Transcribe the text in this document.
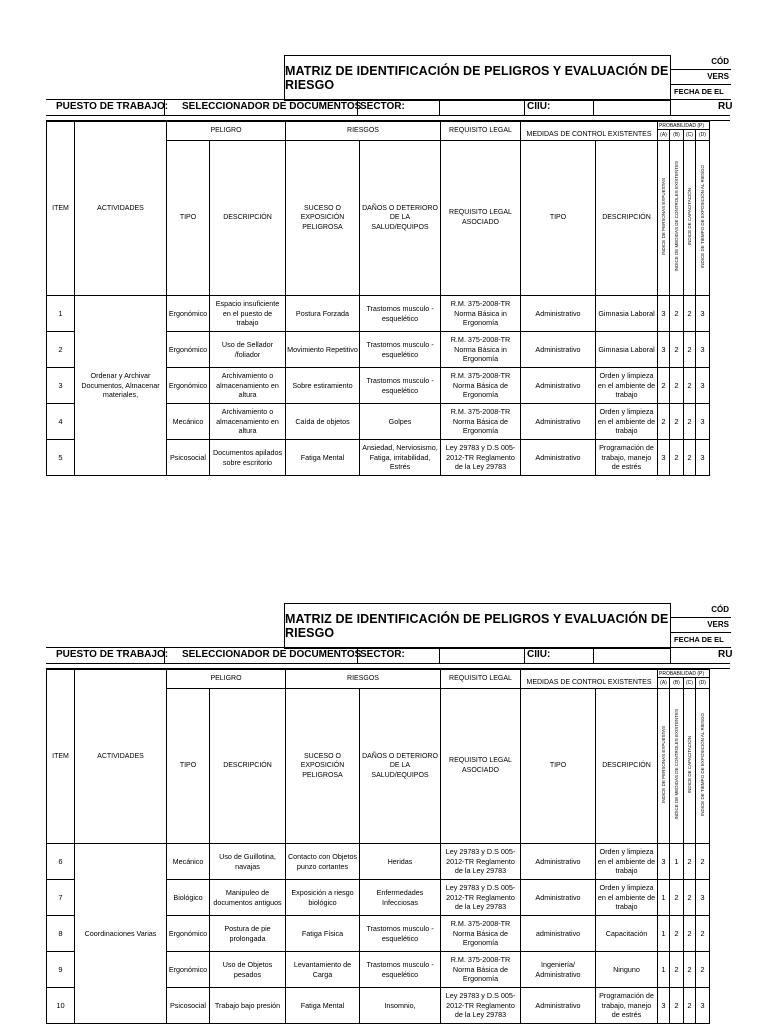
MATRIZ DE IDENTIFICACIÓN DE PELIGROS Y EVALUACIÓN DE RIESGO
CÓD
VERS
FECHA DE EL
PUESTO DE TRABAJO: SELECCIONADOR DE DOCUMENTOS
SECTOR:	CIIU:	RU
ITEM	ACTIVIDADES	PELIGRO		RIESGOS		REQUISITO LEGAL	MEDIDAS DE CONTROL EXISTENTES		PROBABILIDAD (P)			
									(A)	(B)	(C)	(D)
		TIPO	DESCRIPCIÓN	SUCESO O EXPOSICIÓN PELIGROSA	DAÑOS O DETERIORO DE LA SALUD/EQUIPOS	REQUISITO LEGAL ASOCIADO	TIPO	DESCRIPCIÓN	INDICE DE PERSONAS EXPUESTAS	INDICE DE MEDIDAS DE CONTROLES EXISTENTES	INDICE DE CAPACITACIÓN	INDICE DE TIEMPO DE EXPOSICIÓN AL RIESGO
1	Ordenar y Archivar Documentos, Almacenar materiales,	Ergonómico	Espacio insuficiente en el puesto de trabajo	Postura Forzada	Trastornos musculo - esquelético	R.M. 375-2008-TR Norma Básica in Ergonomía	Administrativo	Gimnasia Laboral	3	2	2	3
2		Ergonómico	Uso de Sellador /foliador	Movimiento Repetitivo	Trastornos musculo - esquelético	R.M. 375-2008-TR Norma Básica in Ergonomía	Administrativo	Gimnasia Laboral	3	2	2	3
3		Ergonómico	Archivamiento o almacenamiento en altura	Sobre estiramiento	Trastornos musculo - esquelético	R.M. 375-2008-TR Norma Básica de Ergonomía	Administrativo	Orden y limpieza en el ambiente de trabajo	2	2	2	3
4		Mecánico	Archivamiento o almacenamiento en altura	Caída de objetos	Golpes	R.M. 375-2008-TR Norma Básica de Ergonomía	Administrativo	Orden y limpieza en el ambiente de trabajo	2	2	2	3
5		Psicosocial	Documentos apilados sobre escritorio	Fatiga Mental	Ansiedad, Nerviosismo, Fatiga, irritabilidad, Estrés	Ley 29783 y D.S 005-2012-TR Reglamento de la Ley 29783	Administrativo	Programación de trabajo, manejo de estrés	3	2	2	3
MATRIZ DE IDENTIFICACIÓN DE PELIGROS Y EVALUACIÓN DE RIESGO
CÓD
VERS
FECHA DE EL
PUESTO DE TRABAJO: SELECCIONADOR DE DOCUMENTOS
SECTOR:	CIIU:	RU
ITEM	ACTIVIDADES	PELIGRO		RIESGOS		REQUISITO LEGAL	MEDIDAS DE CONTROL EXISTENTES		PROBABILIDAD (P)			
									(A)	(B)	(C)	(D)
		TIPO	DESCRIPCIÓN	SUCESO O EXPOSICIÓN PELIGROSA	DAÑOS O DETERIORO DE LA SALUD/EQUIPOS	REQUISITO LEGAL ASOCIADO	TIPO	DESCRIPCIÓN	INDICE DE PERSONAS EXPUESTAS	INDICE DE MEDIDAS DE CONTROLES EXISTENTES	INDICE DE CAPACITACIÓN	INDICE DE TIEMPO DE EXPOSICIÓN AL RIESGO
6	Coordinaciones Varias	Mecánico	Uso de Guillotina, navajas	Contacto con Objetos punzo cortantes	Heridas	Ley 29783 y D.S 005-2012-TR Reglamento de la Ley 29783	Administrativo	Orden y limpieza en el ambiente de trabajo	3	1	2	2
7		Biológico	Manipuleo de documentos antiguos	Exposición a riesgo biológico	Enfermedades Infecciosas	Ley 29783 y D.S 005-2012-TR Reglamento de la Ley 29783	Administrativo	Orden y limpieza en el ambiente de trabajo	1	2	2	3
8		Ergonómico	Postura de pie prolongada	Fatiga Física	Trastornos musculo - esquelético	R.M. 375-2008-TR Norma Básica de Ergonomía	administrativo	Capacitación	1	2	2	2
9		Ergonómico	Uso de Objetos pesados	Levantamiento de Carga	Trastornos musculo - esquelético	R.M. 375-2008-TR Norma Básica de Ergonomía	Ingeniería/ Administrativo	Ninguno	1	2	2	2
10		Psicosocial	Trabajo bajo presión	Fatiga Mental	Insomnio,	Ley 29783 y D.S 005-2012-TR Reglamento de la Ley 29783	Administrativo	Programación de trabajo, manejo de estrés	3	2	2	3
